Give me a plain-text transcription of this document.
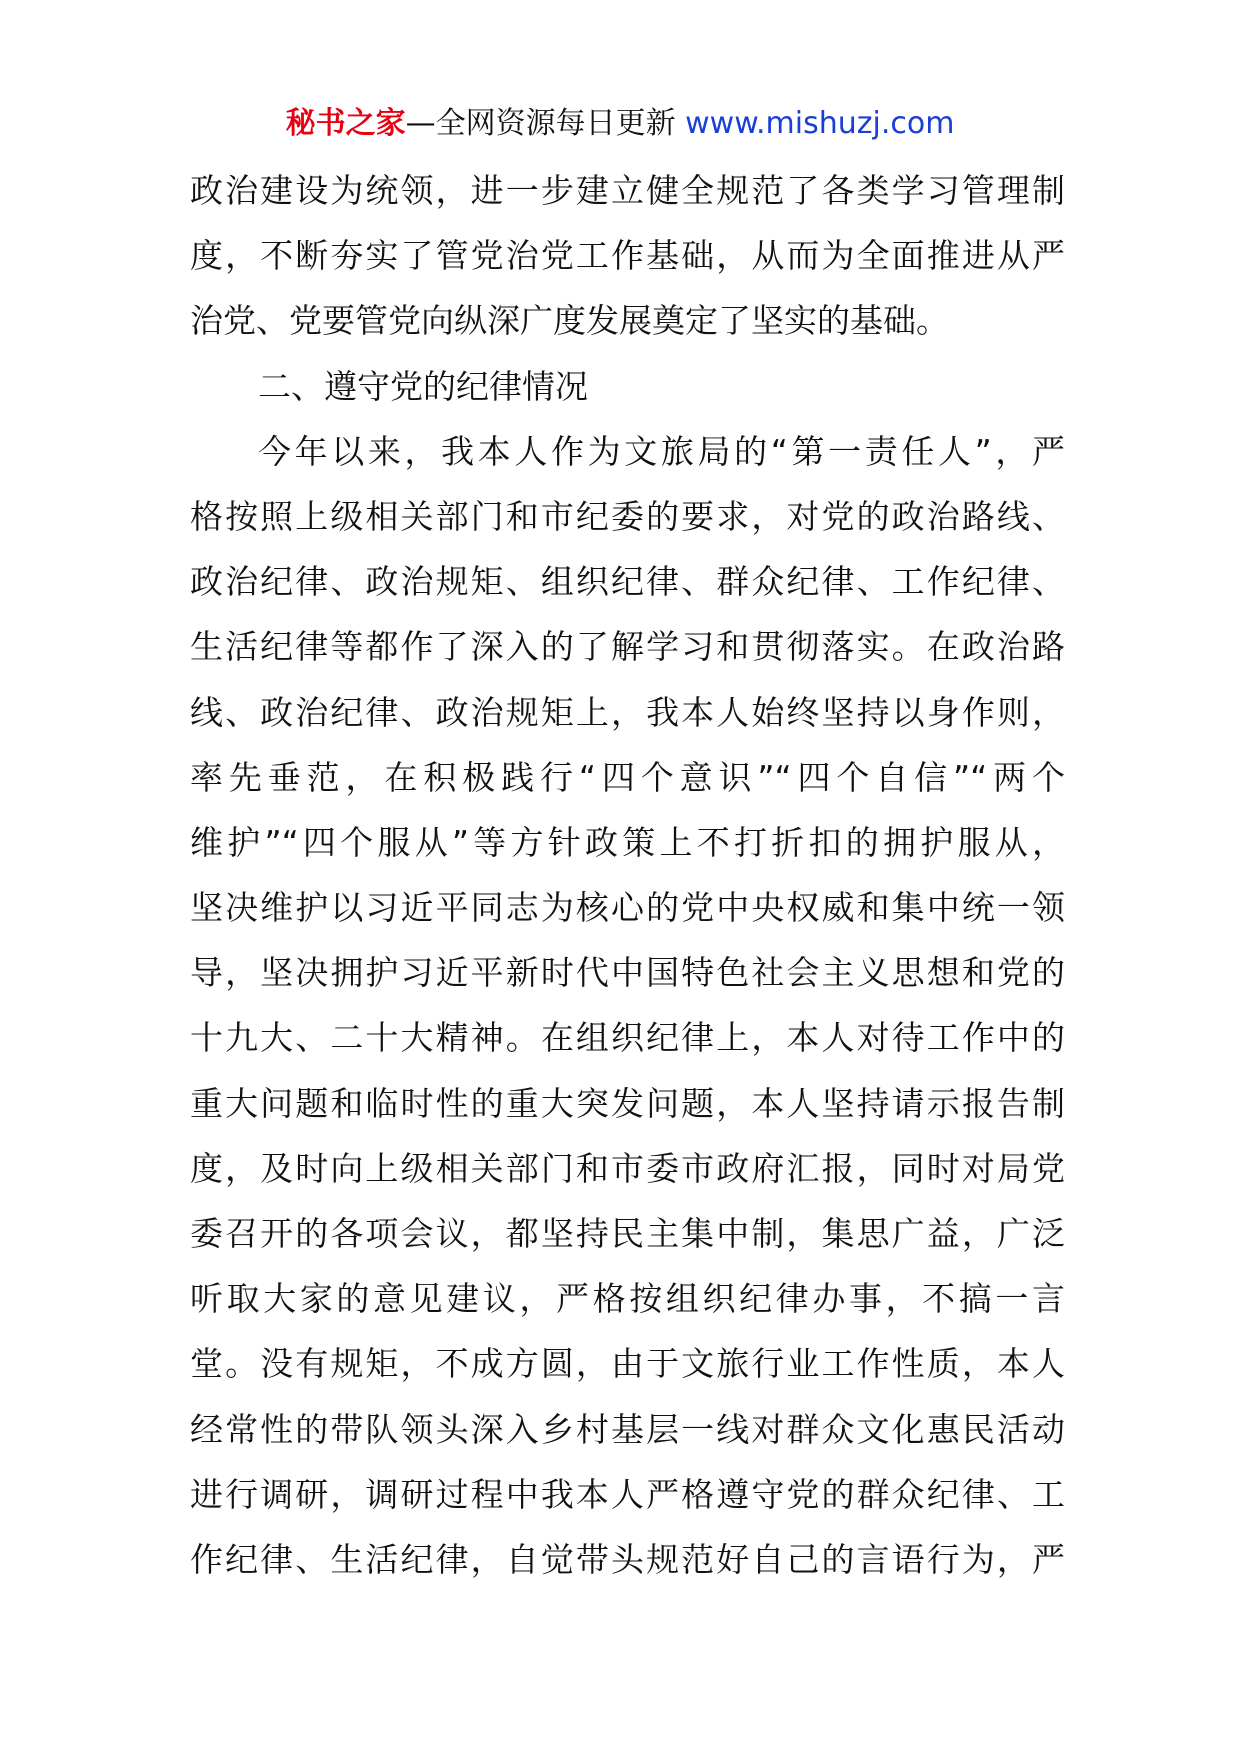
秘书之家—全网资源每日更新 www.mishuzj.com
政治建设为统领，进一步建立健全规范了各类学习管理制
度，不断夯实了管党治党工作基础，从而为全面推进从严
治党、党要管党向纵深广度发展奠定了坚实的基础。
二、遵守党的纪律情况
今年以来，我本人作为文旅局的“第一责任人”，严
格按照上级相关部门和市纪委的要求，对党的政治路线、
政治纪律、政治规矩、组织纪律、群众纪律、工作纪律、
生活纪律等都作了深入的了解学习和贯彻落实。在政治路
线、政治纪律、政治规矩上，我本人始终坚持以身作则，
率先垂范，在积极践行“四个意识”“四个自信”“两个
维护”“四个服从”等方针政策上不打折扣的拥护服从，
坚决维护以习近平同志为核心的党中央权威和集中统一领
导，坚决拥护习近平新时代中国特色社会主义思想和党的
十九大、二十大精神。在组织纪律上，本人对待工作中的
重大问题和临时性的重大突发问题，本人坚持请示报告制
度，及时向上级相关部门和市委市政府汇报，同时对局党
委召开的各项会议，都坚持民主集中制，集思广益，广泛
听取大家的意见建议，严格按组织纪律办事，不搞一言
堂。没有规矩，不成方圆，由于文旅行业工作性质，本人
经常性的带队领头深入乡村基层一线对群众文化惠民活动
进行调研，调研过程中我本人严格遵守党的群众纪律、工
作纪律、生活纪律，自觉带头规范好自己的言语行为，严
